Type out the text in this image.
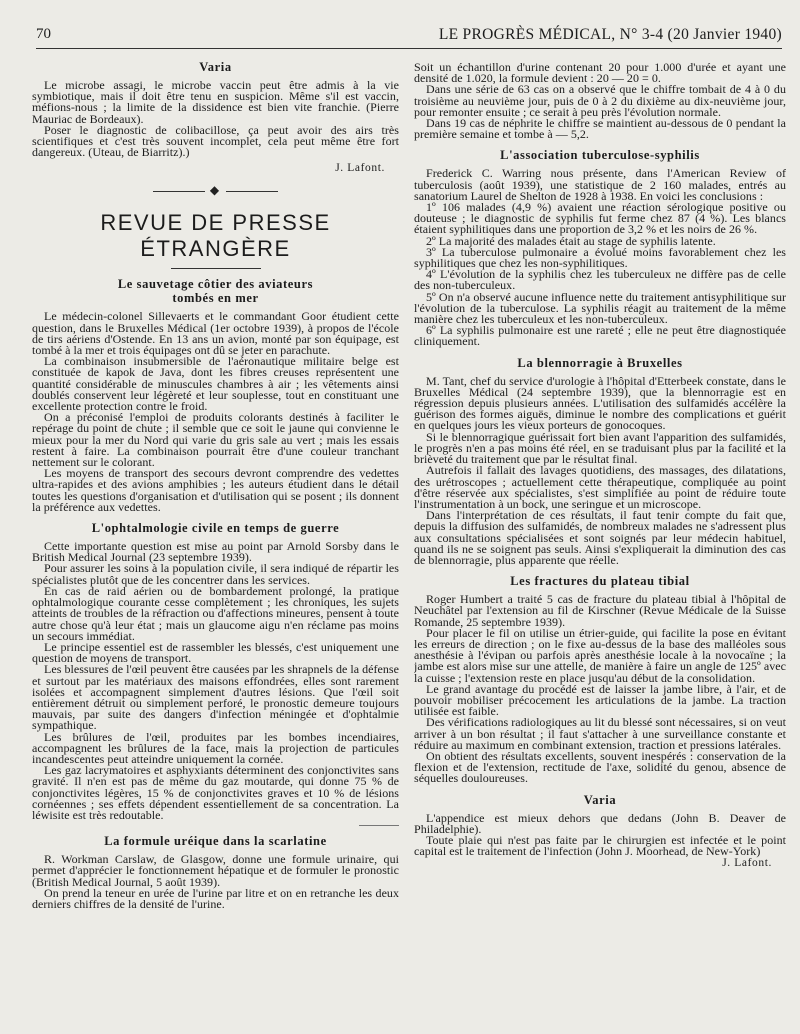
70	LE PROGRÈS MÉDICAL, N° 3-4 (20 Janvier 1940)

Varia

Le microbe assagi, le microbe vaccin peut être admis à la vie symbiotique, mais il doit être tenu en suspicion. Même s'il est vaccin, méfions-nous ; la limite de la dissidence est bien vite franchie. (Pierre Mauriac de Bordeaux).

Poser le diagnostic de colibacillose, ça peut avoir des airs très scientifiques et c'est très souvent incomplet, cela peut même être fort dangereux. (Uteau, de Biarritz).)

J. Lafont.

◆

REVUE DE PRESSE ÉTRANGÈRE

Le sauvetage côtier des aviateurs

tombés en mer

Le médecin-colonel Sillevaerts et le commandant Goor étudient cette question, dans le Bruxelles Médical (1er octobre 1939), à propos de l'école de tirs aériens d'Ostende. En 13 ans un avion, monté par son équipage, est tombé à la mer et trois équipages ont dû se jeter en parachute.

La combinaison insubmersible de l'aéronautique militaire belge est constituée de kapok de Java, dont les fibres creuses représentent une quantité considérable de minuscules chambres à air ; les vêtements ainsi doublés conservent leur légèreté et leur souplesse, tout en constituant une excellente protection contre le froid.

On a préconisé l'emploi de produits colorants destinés à faciliter le repérage du point de chute ; il semble que ce soit le jaune qui convienne le mieux pour la mer du Nord qui varie du gris sale au vert ; mais les essais restent à faire. La combinaison pourrait être d'une couleur tranchant nettement sur le colorant.

Les moyens de transport des secours devront comprendre des vedettes ultra-rapides et des avions amphibies ; les auteurs étudient dans le détail toutes les questions d'organisation et d'utilisation qui se posent ; ils donnent la préférence aux vedettes.

L'ophtalmologie civile en temps de guerre

Cette importante question est mise au point par Arnold Sorsby dans le British Medical Journal (23 septembre 1939).

Pour assurer les soins à la population civile, il sera indiqué de répartir les spécialistes plutôt que de les concentrer dans les services.

En cas de raid aérien ou de bombardement prolongé, la pratique ophtalmologique courante cesse complètement ; les chroniques, les sujets atteints de troubles de la réfraction ou d'affections mineures, pensent à toute autre chose qu'à leur état ; mais un glaucome aigu n'en réclame pas moins un secours immédiat.

Le principe essentiel est de rassembler les blessés, c'est uniquement une question de moyens de transport.

Les blessures de l'œil peuvent être causées par les shrapnels de la défense et surtout par les matériaux des maisons effondrées, elles sont rarement isolées et accompagnent simplement d'autres lésions. Que l'œil soit entièrement détruit ou simplement perforé, le pronostic demeure toujours mauvais, par suite des dangers d'infection méningée et d'ophtalmie sympathique.

Les brûlures de l'œil, produites par les bombes incendiaires, accompagnent les brûlures de la face, mais la projection de particules incandescentes peut atteindre uniquement la cornée.

Les gaz lacrymatoires et asphyxiants déterminent des conjonctivites sans gravité. Il n'en est pas de même du gaz moutarde, qui donne 75 % de conjonctivites légères, 15 % de conjonctivites graves et 10 % de lésions cornéennes ; ses effets dépendent essentiellement de sa concentration. La léwisite est très redoutable.

La formule uréique dans la scarlatine

R. Workman Carslaw, de Glasgow, donne une formule urinaire, qui permet d'apprécier le fonctionnement hépatique et de formuler le pronostic (British Medical Journal, 5 août 1939).

On prend la teneur en urée de l'urine par litre et on en retranche les deux derniers chiffres de la densité de l'urine.

Soit un échantillon d'urine contenant 20 pour 1.000 d'urée et ayant une densité de 1.020, la formule devient : 20 — 20 = 0.

Dans une série de 63 cas on a observé que le chiffre tombait de 4 à 0 du troisième au neuvième jour, puis de 0 à 2 du dixième au dix-neuvième jour, pour remonter ensuite ; ce serait à peu près l'évolution normale.

Dans 19 cas de néphrite le chiffre se maintient au-dessous de 0 pendant la première semaine et tombe à — 5,2.

L'association tuberculose-syphilis

Frederick C. Warring nous présente, dans l'American Review of tuberculosis (août 1939), une statistique de 2 160 malades, entrés au sanatorium Laurel de Shelton de 1928 à 1938. En voici les conclusions :

1º 106 malades (4,9 %) avaient une réaction sérologique positive ou douteuse ; le diagnostic de syphilis fut ferme chez 87 (4 %). Les blancs étaient syphilitiques dans une proportion de 3,2 % et les noirs de 26 %.

2º La majorité des malades était au stage de syphilis latente.

3º La tuberculose pulmonaire a évolué moins favorablement chez les syphilitiques que chez les non-syphilitiques.

4º L'évolution de la syphilis chez les tuberculeux ne diffère pas de celle des non-tuberculeux.

5º On n'a observé aucune influence nette du traitement antisyphilitique sur l'évolution de la tuberculose. La syphilis réagit au traitement de la même manière chez les tuberculeux et les non-tuberculeux.

6º La syphilis pulmonaire est une rareté ; elle ne peut être diagnostiquée cliniquement.

La blennorragie à Bruxelles

M. Tant, chef du service d'urologie à l'hôpital d'Etterbeek constate, dans le Bruxelles Médical (24 septembre 1939), que la blennorragie est en régression depuis plusieurs années. L'utilisation des sulfamidés accélère la guérison des formes aiguës, diminue le nombre des complications et guérit en quelques jours les vieux porteurs de gonocoques.

Si le blennorragique guérissait fort bien avant l'apparition des sulfamidés, le progrès n'en a pas moins été réel, en se traduisant plus par la facilité et la brièveté du traitement que par le résultat final.

Autrefois il fallait des lavages quotidiens, des massages, des dilatations, des urétroscopes ; actuellement cette thérapeutique, compliquée au point d'être réservée aux spécialistes, s'est simplifiée au point de réduire toute l'instrumentation à un bock, une seringue et un microscope.

Dans l'interprétation de ces résultats, il faut tenir compte du fait que, depuis la diffusion des sulfamidés, de nombreux malades ne s'adressent plus aux consultations spécialisées et sont soignés par leur médecin habituel, quand ils ne se soignent pas seuls. Ainsi s'expliquerait la diminution des cas de blennorragie, plus apparente que réelle.

Les fractures du plateau tibial

Roger Humbert a traité 5 cas de fracture du plateau tibial à l'hôpital de Neuchâtel par l'extension au fil de Kirschner (Revue Médicale de la Suisse Romande, 25 septembre 1939).

Pour placer le fil on utilise un étrier-guide, qui facilite la pose en évitant les erreurs de direction ; on le fixe au-dessus de la base des malléoles sous anesthésie à l'évipan ou parfois après anesthésie locale à la novocaïne ; la jambe est alors mise sur une attelle, de manière à faire un angle de 125º avec la cuisse ; l'extension reste en place jusqu'au début de la consolidation.

Le grand avantage du procédé est de laisser la jambe libre, à l'air, et de pouvoir mobiliser précocement les articulations de la jambe. La traction utilisée est faible.

Des vérifications radiologiques au lit du blessé sont nécessaires, si on veut arriver à un bon résultat ; il faut s'attacher à une surveillance constante et réduire au maximum en combinant extension, traction et pressions latérales.

On obtient des résultats excellents, souvent inespérés : conservation de la flexion et de l'extension, rectitude de l'axe, solidité du genou, absence de séquelles douloureuses.

Varia

L'appendice est mieux dehors que dedans (John B. Deaver de Philadelphie).

Toute plaie qui n'est pas faite par le chirurgien est infectée et le point capital est le traitement de l'infection (John J. Moorhead, de New-York)

J. Lafont.
